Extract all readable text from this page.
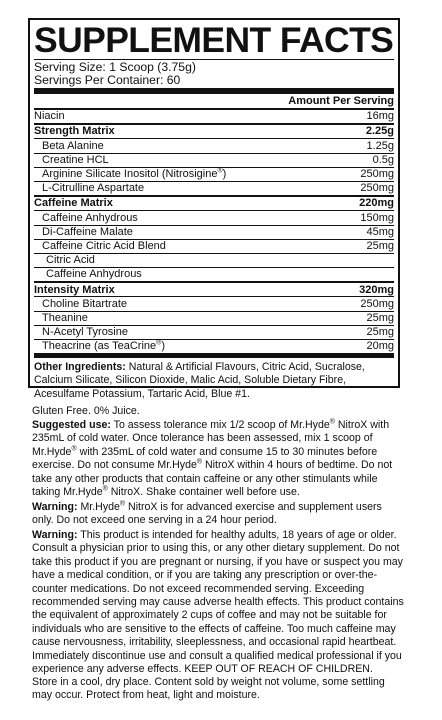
SUPPLEMENT FACTS
Serving Size: 1 Scoop (3.75g)
Servings Per Container: 60
Amount Per Serving
Niacin	16mg
Strength Matrix	2.25g
Beta Alanine	1.25g
Creatine HCL	0.5g
Arginine Silicate Inositol (Nitrosigine®)	250mg
L-Citrulline Aspartate	250mg
Caffeine Matrix	220mg
Caffeine Anhydrous	150mg
Di-Caffeine Malate	45mg
Caffeine Citric Acid Blend	25mg
Citric Acid
Caffeine Anhydrous
Intensity Matrix	320mg
Choline Bitartrate	250mg
Theanine	25mg
N-Acetyl Tyrosine	25mg
Theacrine (as TeaCrine®)	20mg
Other Ingredients: Natural & Artificial Flavours, Citric Acid, Sucralose, Calcium Silicate, Silicon Dioxide, Malic Acid, Soluble Dietary Fibre, Acesulfame Potassium, Tartaric Acid, Blue #1.
Gluten Free. 0% Juice.
Suggested use: To assess tolerance mix 1/2 scoop of Mr.Hyde® NitroX with 235mL of cold water. Once tolerance has been assessed, mix 1 scoop of Mr.Hyde® with 235mL of cold water and consume 15 to 30 minutes before exercise. Do not consume Mr.Hyde® NitroX within 4 hours of bedtime. Do not take any other products that contain caffeine or any other stimulants while taking Mr.Hyde® NitroX. Shake container well before use.
Warning: Mr.Hyde® NitroX is for advanced exercise and supplement users only. Do not exceed one serving in a 24 hour period.
Warning: This product is intended for healthy adults, 18 years of age or older. Consult a physician prior to using this, or any other dietary supplement. Do not take this product if you are pregnant or nursing, if you have or suspect you may have a medical condition, or if you are taking any prescription or over-the-counter medications. Do not exceed recommended serving. Exceeding recommended serving may cause adverse health effects. This product contains the equivalent of approximately 2 cups of coffee and may not be suitable for individuals who are sensitive to the effects of caffeine. Too much caffeine may cause nervousness, irritability, sleeplessness, and occasional rapid heartbeat. Immediately discontinue use and consult a qualified medical professional if you experience any adverse effects. KEEP OUT OF REACH OF CHILDREN.
Store in a cool, dry place. Content sold by weight not volume, some settling may occur. Protect from heat, light and moisture.
